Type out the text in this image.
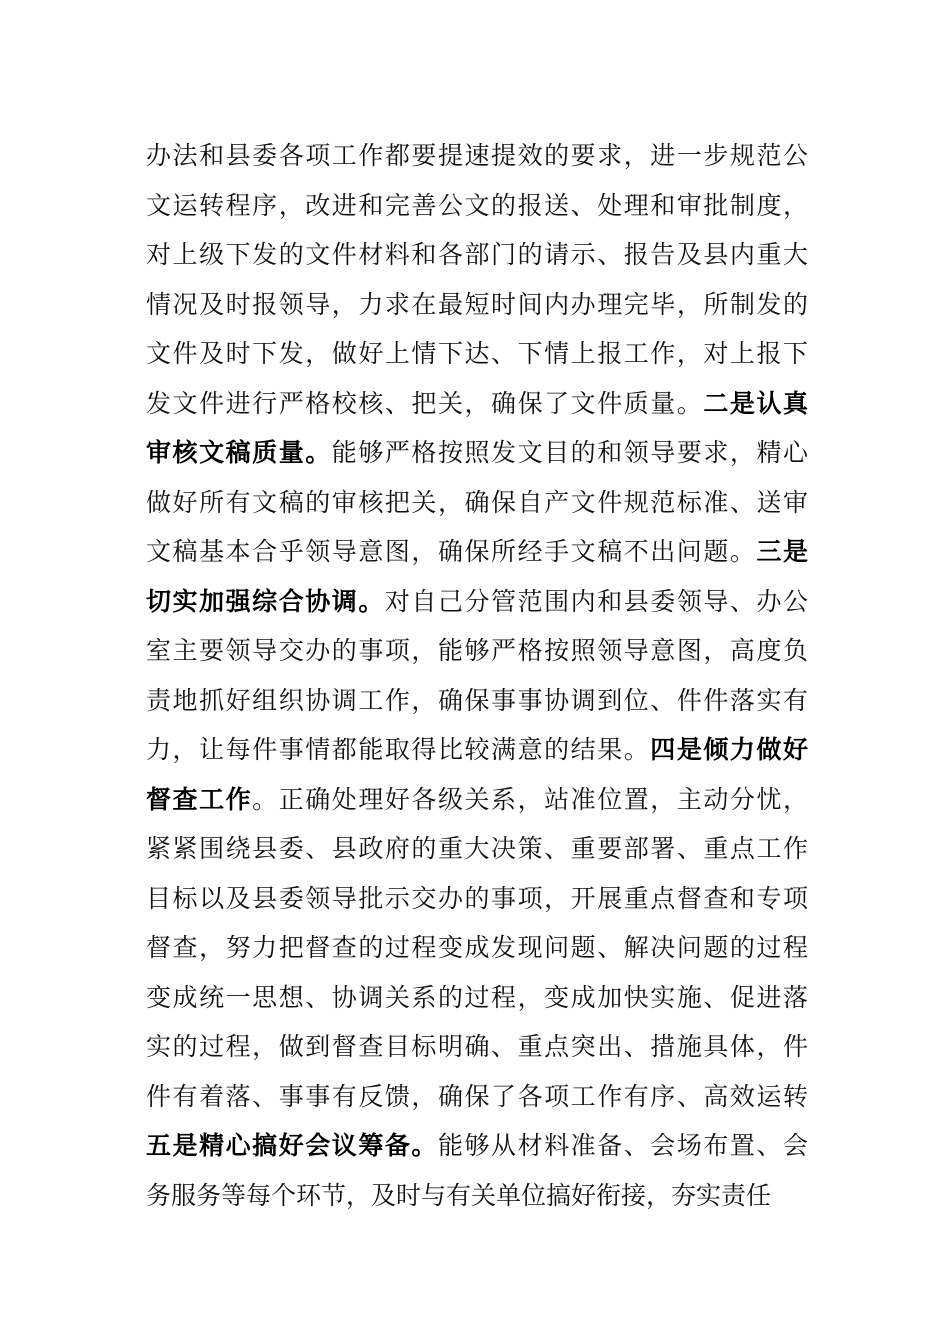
办法和县委各项工作都要提速提效的要求，进一步规范公
文运转程序，改进和完善公文的报送、处理和审批制度，
对上级下发的文件材料和各部门的请示、报告及县内重大
情况及时报领导，力求在最短时间内办理完毕，所制发的
文件及时下发，做好上情下达、下情上报工作，对上报下
发文件进行严格校核、把关，确保了文件质量。二是认真
审核文稿质量。能够严格按照发文目的和领导要求，精心
做好所有文稿的审核把关，确保自产文件规范标准、送审
文稿基本合乎领导意图，确保所经手文稿不出问题。三是
切实加强综合协调。对自己分管范围内和县委领导、办公
室主要领导交办的事项，能够严格按照领导意图，高度负
责地抓好组织协调工作，确保事事协调到位、件件落实有
力，让每件事情都能取得比较满意的结果。四是倾力做好
督查工作。正确处理好各级关系，站准位置，主动分忧，
紧紧围绕县委、县政府的重大决策、重要部署、重点工作
目标以及县委领导批示交办的事项，开展重点督查和专项
督查，努力把督查的过程变成发现问题、解决问题的过程
变成统一思想、协调关系的过程，变成加快实施、促进落
实的过程，做到督查目标明确、重点突出、措施具体，件
件有着落、事事有反馈，确保了各项工作有序、高效运转
五是精心搞好会议筹备。能够从材料准备、会场布置、会
务服务等每个环节，及时与有关单位搞好衔接，夯实责任
